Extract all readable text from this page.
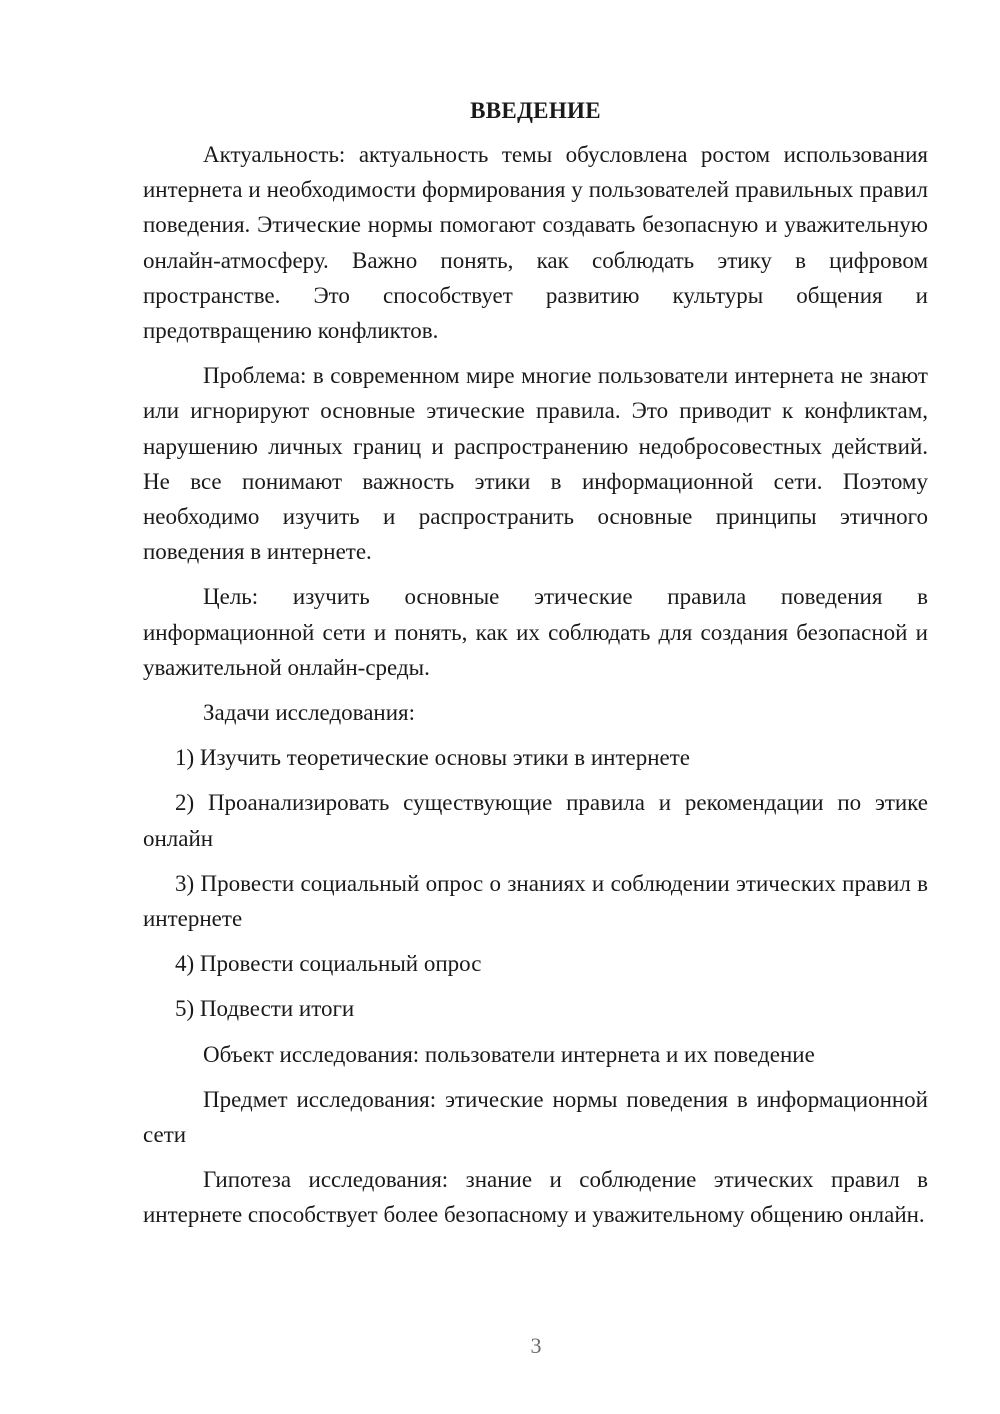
ВВЕДЕНИЕ

Актуальность: актуальность темы обусловлена ростом использования интернета и необходимости формирования у пользователей правильных правил поведения. Этические нормы помогают создавать безопасную и уважительную онлайн-атмосферу. Важно понять, как соблюдать этику в цифровом пространстве. Это способствует развитию культуры общения и предотвращению конфликтов.

Проблема: в современном мире многие пользователи интернета не знают или игнорируют основные этические правила. Это приводит к конфликтам, нарушению личных границ и распространению недобросовестных действий. Не все понимают важность этики в информационной сети. Поэтому необходимо изучить и распространить основные принципы этичного поведения в интернете.

Цель: изучить основные этические правила поведения в информационной сети и понять, как их соблюдать для создания безопасной и уважительной онлайн-среды.

Задачи исследования:

1) Изучить теоретические основы этики в интернете

2) Проанализировать существующие правила и рекомендации по этике онлайн

3) Провести социальный опрос о знаниях и соблюдении этических правил в интернете

4) Провести социальный опрос

5) Подвести итоги

Объект исследования: пользователи интернета и их поведение

Предмет исследования: этические нормы поведения в информационной сети

Гипотеза исследования: знание и соблюдение этических правил в интернете способствует более безопасному и уважительному общению онлайн.

3
